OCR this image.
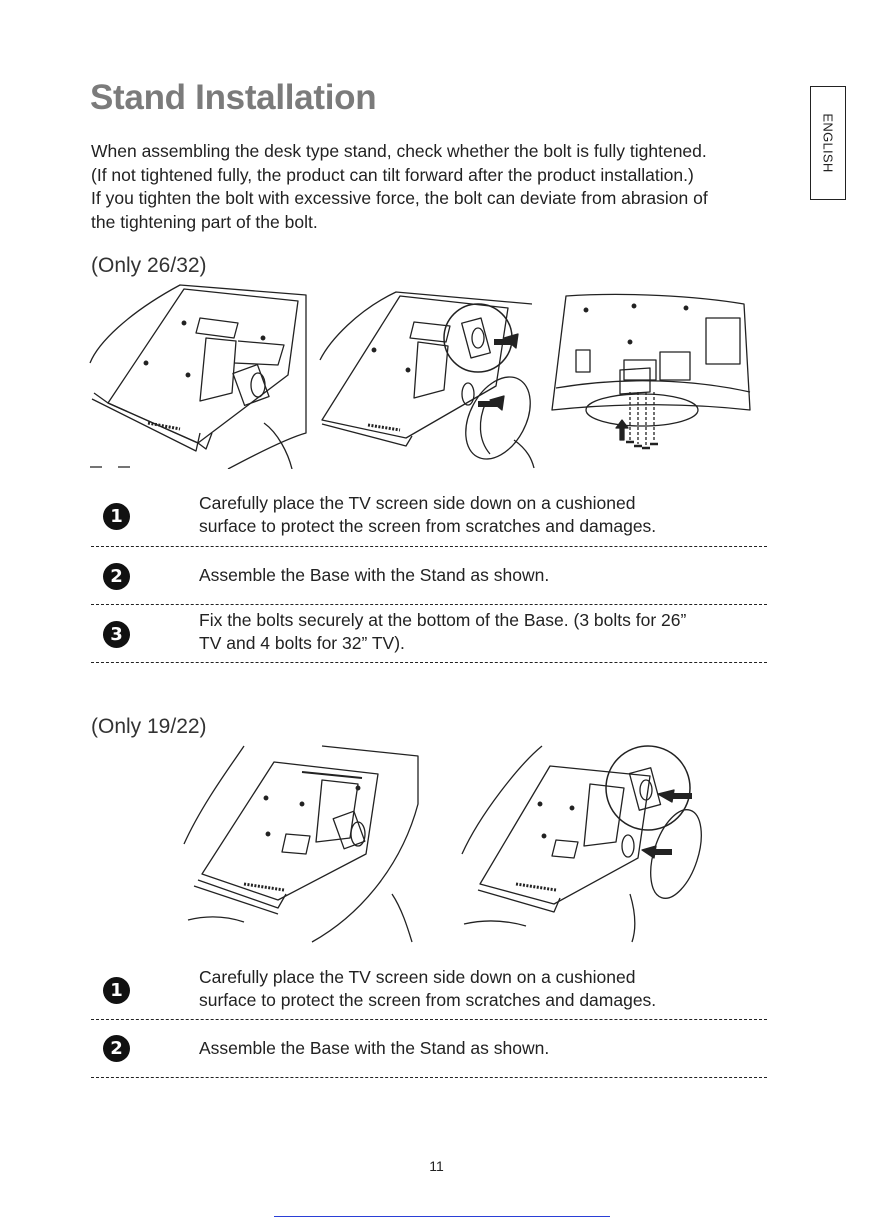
Stand Installation
When assembling the desk type stand, check whether the bolt is fully tightened.
(If not tightened fully, the product can tilt forward after the product installation.)
If you tighten the bolt with excessive force, the bolt can deviate from abrasion of
the tightening part of the bolt.
ENGLISH
(Only 26/32)
1
Carefully place the TV screen side down on a cushioned
surface to protect the screen from scratches and damages.
2	Assemble the Base with the Stand as shown.
3
Fix the bolts securely at the bottom of the Base. (3 bolts for 26”
TV and 4 bolts for 32” TV).
(Only 19/22)
1
Carefully place the TV screen side down on a cushioned
surface to protect the screen from scratches and damages.
2	Assemble the Base with the Stand as shown.
11
